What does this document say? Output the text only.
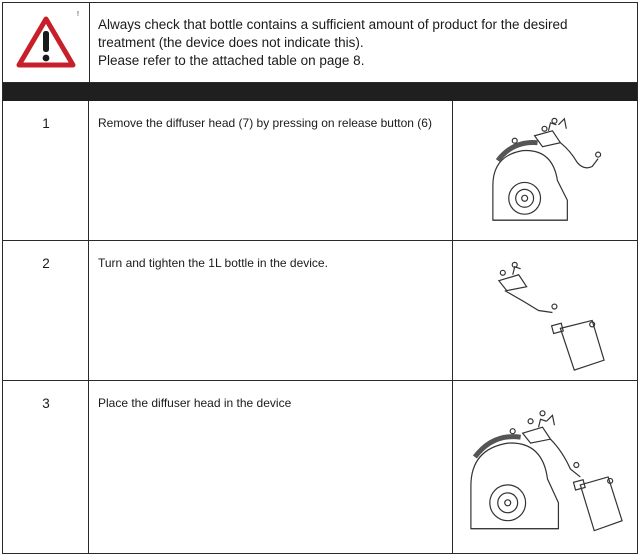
!
Always check that bottle contains a sufficient amount of product for the desired
treatment (the device does not indicate this).
Please refer to the attached table on page 8.
1	Remove the diffuser head (7) by pressing on release button (6)
2	Turn and tighten the 1L bottle in the device.
3	Place the diffuser head in the device
